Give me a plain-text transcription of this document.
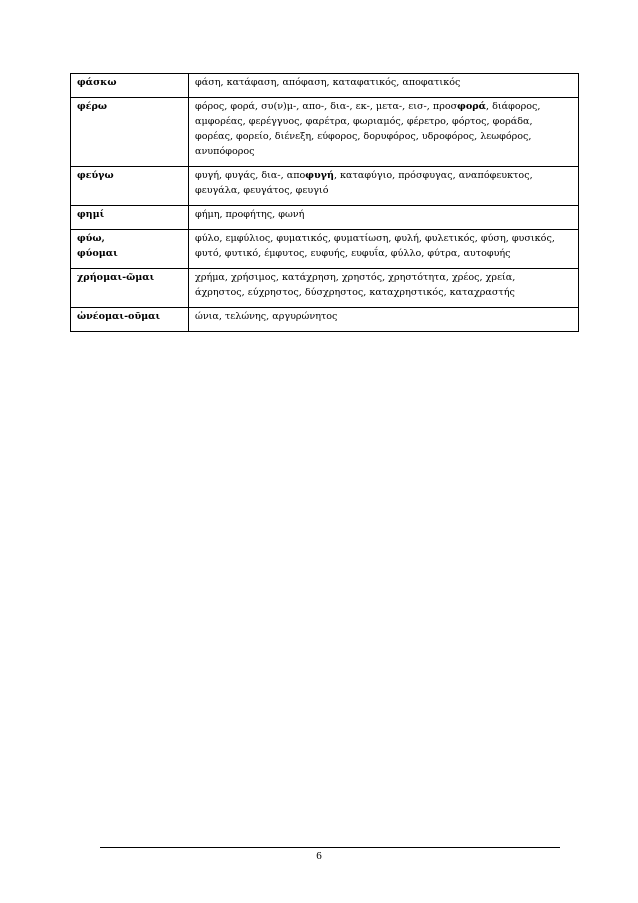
φάσκω	φάση, κατάφαση, απόφαση, καταφατικός, αποφατικός
φέρω	φόρος, φορά, συ(ν)μ-, απο-, δια-, εκ-, μετα-, εισ-, προσφορά, διάφορος, αμφορέας, φερέγγυος, φαρέτρα, φωριαμός, φέρετρο, φόρτος, φοράδα, φορέας, φορείο, διένεξη, εύφορος, δορυφόρος, υδροφόρος, λεωφόρος, ανυπόφορος
φεύγω	φυγή, φυγάς, δια-, αποφυγή, καταφύγιο, πρόσφυγας, αναπόφευκτος, φευγάλα, φευγάτος, φευγιό
φημί	φήμη, προφήτης, φωνή
φύω,
φύομαι	φύλο, εμφύλιος, φυματικός, φυματίωση, φυλή, φυλετικός, φύση, φυσικός, φυτό, φυτικό, έμφυτος, ευφυής, ευφυΐα, φύλλο, φύτρα, αυτοφυής
χρήομαι-ῶμαι	χρήμα, χρήσιμος, κατάχρηση, χρηστός, χρηστότητα, χρέος, χρεία, άχρηστος, εύχρηστος, δύσχρηστος, καταχρηστικός, καταχραστής
ὠνέομαι-οῦμαι	ώνια, τελώνης, αργυρώνητος
6
